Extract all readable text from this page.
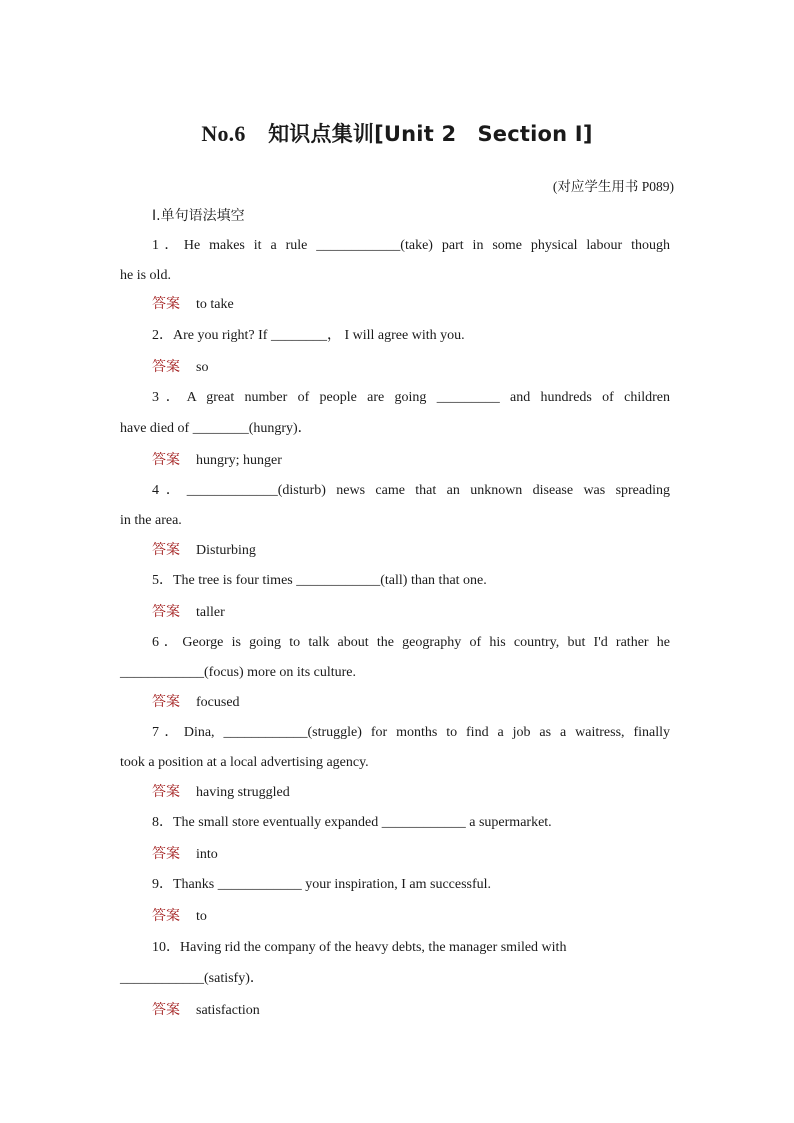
No.6 知识点集训[Unit 2　Section Ⅰ]
(对应学生用书 P089)
Ⅰ.单句语法填空
1．He makes it a rule ____________(take) part in some physical labour though
he is old.
答案 to take
2．Are you right? If ________， I will agree with you.
答案 so
3．A great number of people are going _________ and hundreds of children
have died of ________(hungry)．
答案 hungry; hunger
4．_____________(disturb) news came that an unknown disease was spreading
in the area.
答案 Disturbing
5．The tree is four times ____________(tall) than that one.
答案 taller
6．George is going to talk about the geography of his country, but I'd rather he
____________(focus) more on its culture.
答案 focused
7．Dina, ____________(struggle) for months to find a job as a waitress, finally
took a position at a local advertising agency.
答案 having struggled
8．The small store eventually expanded ____________ a supermarket.
答案 into
9．Thanks ____________ your inspiration, I am successful.
答案 to
10．Having rid the company of the heavy debts, the manager smiled with
____________(satisfy)．
答案 satisfaction
